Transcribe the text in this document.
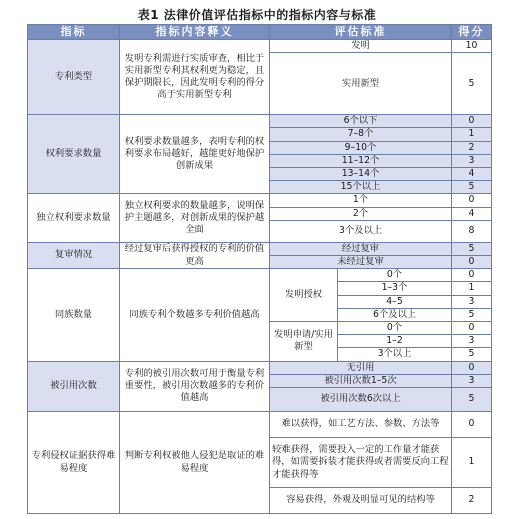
表1 法律价值评估指标中的指标内容与标准
指标	指标内容释义	评估标准		得分
专利类型	发明专利需进行实质审查，相比于实用新型专利其权利更为稳定，且保护期限长，因此发明专利的得分高于实用新型专利	发明		10
		实用新型		5
权利要求数量	权利要求数量越多，表明专利的权利要求布局越好，越能更好地保护创新成果	6个以下		0
		7–8个		1
		9–10个		2
		11–12个		3
		13–14个		4
		15个以上		5
独立权利要求数量	独立权利要求的数量越多，说明保护主题越多，对创新成果的保护越全面	1个		0
		2个		4
		3个及以上		8
复审情况	经过复审后获得授权的专利的价值更高	经过复审		5
		未经过复审		0
同族数量	同族专利个数越多专利价值越高	发明授权	0个	0
			1–3个	1
			4–5	3
			6个及以上	5
		发明申请/实用新型	0个	0
			1–2	3
			3个以上	5
被引用次数	专利的被引用次数可用于衡量专利重要性，被引用次数越多的专利价值越高	无引用		0
		被引用次数1–5次		3
		被引用次数6次以上		5
专利侵权证据获得难易程度	判断专利权被他人侵犯是取证的难易程度	难以获得，如工艺方法、参数、方法等		0
		较难获得，需要投入一定的工作量才能获得，如需要拆装才能获得或者需要反向工程才能获得等		1
		容易获得，外观及明显可见的结构等		2
